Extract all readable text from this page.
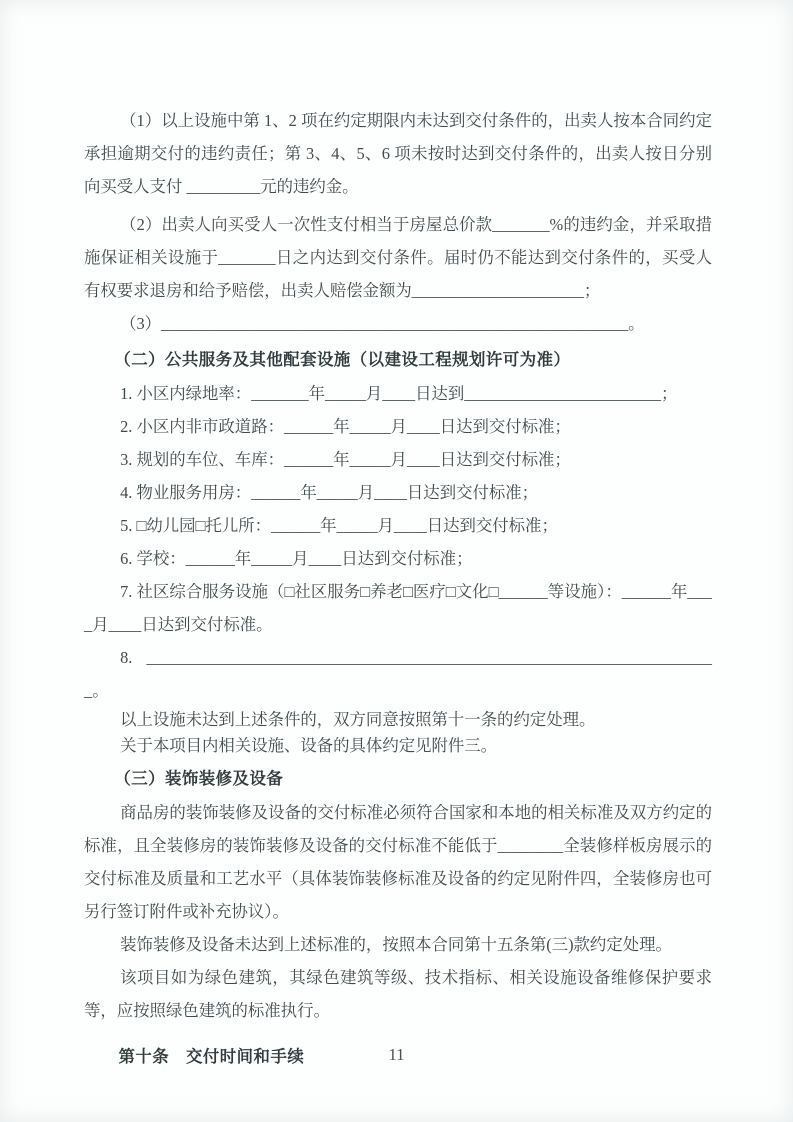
（1）以上设施中第 1、2 项在约定期限内未达到交付条件的，出卖人按本合同约定承担逾期交付的违约责任；第 3、4、5、6 项未按时达到交付条件的，出卖人按日分别向买受人支付 _________元的违约金。

（2）出卖人向买受人一次性支付相当于房屋总价款_______%的违约金，并采取措施保证相关设施于_______日之内达到交付条件。届时仍不能达到交付条件的，买受人有权要求退房和给予赔偿，出卖人赔偿金额为_____________________；

（3）_________________________________________________________。

（二）公共服务及其他配套设施（以建设工程规划许可为准）

1. 小区内绿地率：_______年_____月____日达到________________________；

2. 小区内非市政道路：______年_____月____日达到交付标准；

3. 规划的车位、车库：______年_____月____日达到交付标准；

4. 物业服务用房：______年_____月____日达到交付标准；

5. □幼儿园□托儿所：______年_____月____日达到交付标准；

6. 学校：______年_____月____日达到交付标准；

7. 社区综合服务设施（□社区服务□养老□医疗□文化□______等设施）：______年____月____日达到交付标准。

8. ______________________________________________________________________。

以上设施未达到上述条件的，双方同意按照第十一条的约定处理。

关于本项目内相关设施、设备的具体约定见附件三。

（三）装饰装修及设备

商品房的装饰装修及设备的交付标准必须符合国家和本地的相关标准及双方约定的标准，且全装修房的装饰装修及设备的交付标准不能低于________全装修样板房展示的交付标准及质量和工艺水平（具体装饰装修标准及设备的约定见附件四，全装修房也可另行签订附件或补充协议）。

装饰装修及设备未达到上述标准的，按照本合同第十五条第(三)款约定处理。

该项目如为绿色建筑，其绿色建筑等级、技术指标、相关设施设备维修保护要求等，应按照绿色建筑的标准执行。

第十条　交付时间和手续	11
